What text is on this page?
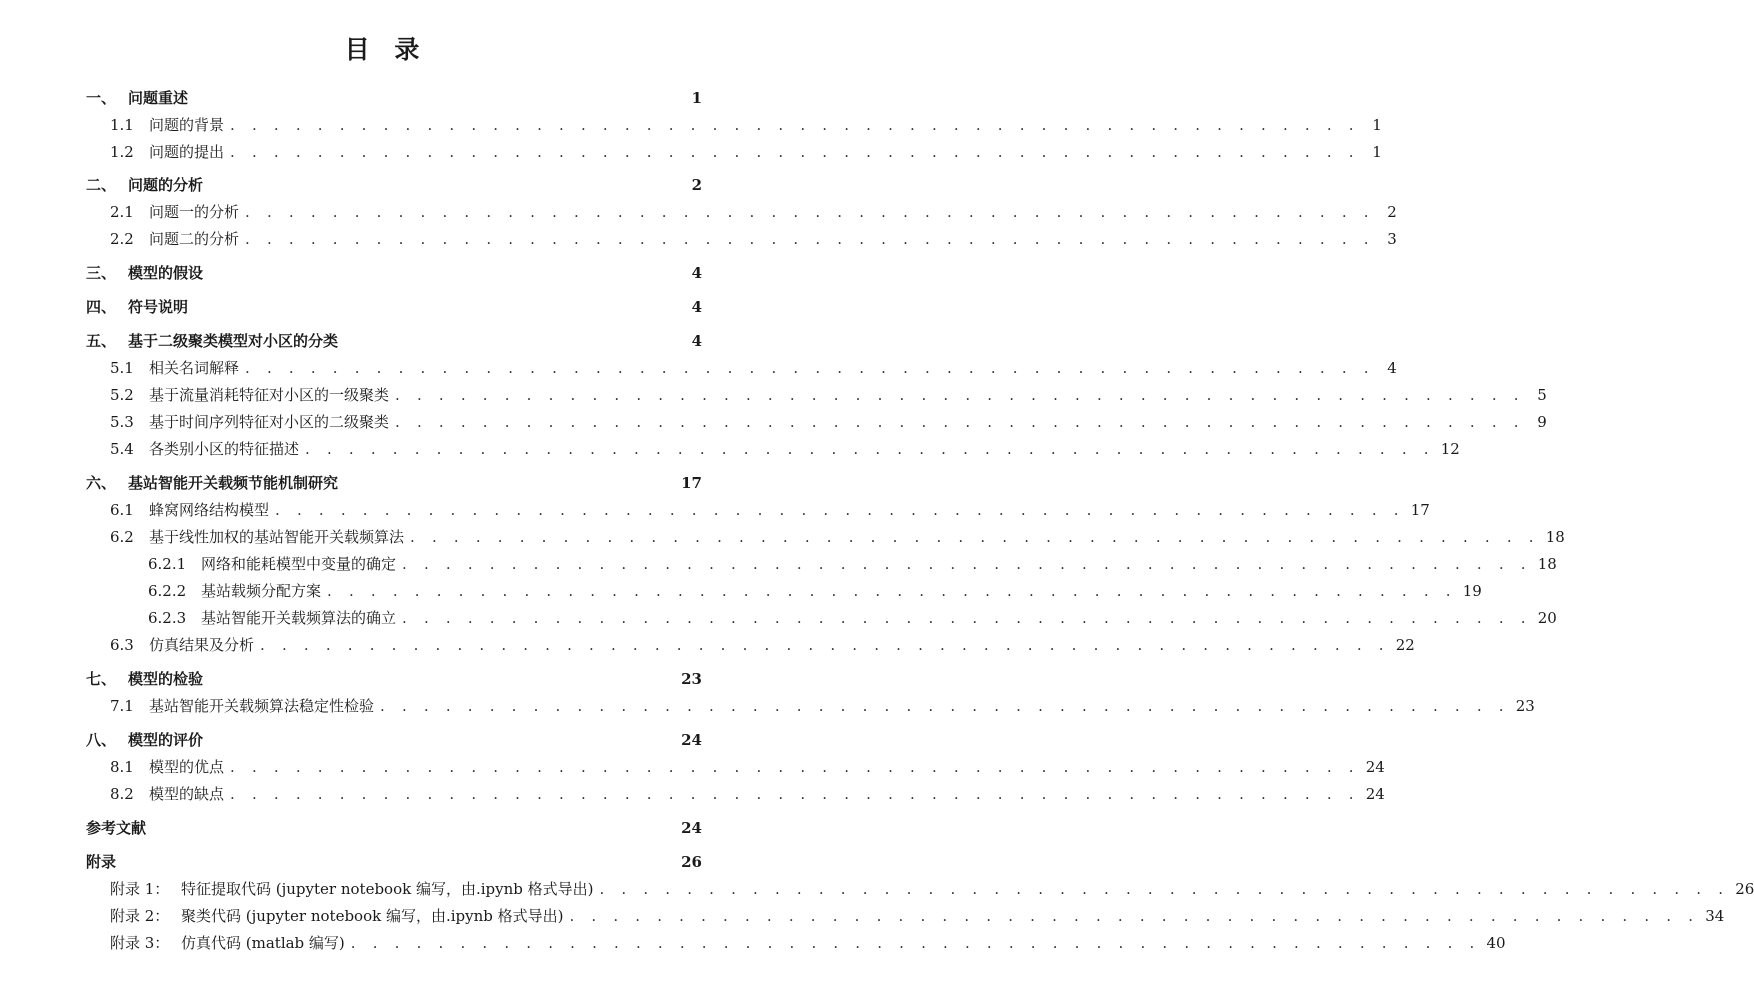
目 录
一、 问题重述	1
1.1	问题的背景 . . . . . . . . . . . . . . . . . . . . . . . . . . . . . . . . . . . . . . . . . . . . . . . . . . . . 1
1.2	问题的提出 . . . . . . . . . . . . . . . . . . . . . . . . . . . . . . . . . . . . . . . . . . . . . . . . . . . . 1
二、 问题的分析	2
2.1	问题一的分析 . . . . . . . . . . . . . . . . . . . . . . . . . . . . . . . . . . . . . . . . . . . . . . . . . . . . 2
2.2	问题二的分析 . . . . . . . . . . . . . . . . . . . . . . . . . . . . . . . . . . . . . . . . . . . . . . . . . . . . 3
三、 模型的假设	4
四、 符号说明	4
五、 基于二级聚类模型对小区的分类	4
5.1	相关名词解释 . . . . . . . . . . . . . . . . . . . . . . . . . . . . . . . . . . . . . . . . . . . . . . . . . . . . 4
5.2	基于流量消耗特征对小区的一级聚类 . . . . . . . . . . . . . . . . . . . . . . . . . . . . . . . . . . . . . . . . . . . . . . . . . . . . 5
5.3	基于时间序列特征对小区的二级聚类 . . . . . . . . . . . . . . . . . . . . . . . . . . . . . . . . . . . . . . . . . . . . . . . . . . . . 9
5.4	各类别小区的特征描述 . . . . . . . . . . . . . . . . . . . . . . . . . . . . . . . . . . . . . . . . . . . . . . . . . . . . 12
六、 基站智能开关载频节能机制研究	17
6.1	蜂窝网络结构模型 . . . . . . . . . . . . . . . . . . . . . . . . . . . . . . . . . . . . . . . . . . . . . . . . . . . . 17
6.2	基于线性加权的基站智能开关载频算法 . . . . . . . . . . . . . . . . . . . . . . . . . . . . . . . . . . . . . . . . . . . . . . . . . . . . 18
6.2.1 网络和能耗模型中变量的确定 . . . . . . . . . . . . . . . . . . . . . . . . . . . . . . . . . . . . . . . . . . . . . . . . . . . . 18
6.2.2 基站载频分配方案 . . . . . . . . . . . . . . . . . . . . . . . . . . . . . . . . . . . . . . . . . . . . . . . . . . . . 19
6.2.3 基站智能开关载频算法的确立 . . . . . . . . . . . . . . . . . . . . . . . . . . . . . . . . . . . . . . . . . . . . . . . . . . . . 20
6.3	仿真结果及分析 . . . . . . . . . . . . . . . . . . . . . . . . . . . . . . . . . . . . . . . . . . . . . . . . . . . . 22
七、 模型的检验	23
7.1	基站智能开关载频算法稳定性检验 . . . . . . . . . . . . . . . . . . . . . . . . . . . . . . . . . . . . . . . . . . . . . . . . . . . . 23
八、 模型的评价	24
8.1	模型的优点 . . . . . . . . . . . . . . . . . . . . . . . . . . . . . . . . . . . . . . . . . . . . . . . . . . . . 24
8.2	模型的缺点 . . . . . . . . . . . . . . . . . . . . . . . . . . . . . . . . . . . . . . . . . . . . . . . . . . . . 24
参考文献	24
附录	26
附录 1： 特征提取代码 (jupyter notebook 编写，由.ipynb 格式导出) . . . . . . . . . . . . . . . . . . . . . . . . . . . . . . . . . . . . . . . . . . . . . . . . . . . . 26
附录 2： 聚类代码 (jupyter notebook 编写，由.ipynb 格式导出) . . . . . . . . . . . . . . . . . . . . . . . . . . . . . . . . . . . . . . . . . . . . . . . . . . . . 34
附录 3： 仿真代码 (matlab 编写) . . . . . . . . . . . . . . . . . . . . . . . . . . . . . . . . . . . . . . . . . . . . . . . . . . . . 40
